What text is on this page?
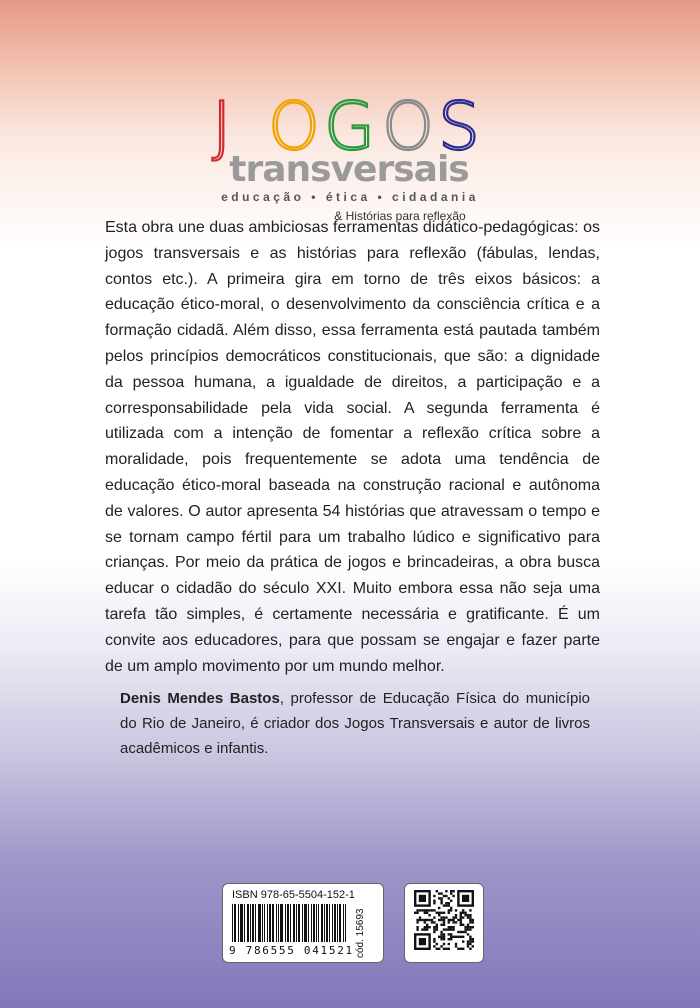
J O G O S
transversais
educação • ética • cidadania
& Histórias para reflexão
Esta obra une duas ambiciosas ferramentas didático-pedagógicas: os jogos transversais e as histórias para reflexão (fábulas, lendas, contos etc.). A primeira gira em torno de três eixos básicos: a educação ético-moral, o desenvolvimento da consciência crítica e a formação cidadã. Além disso, essa ferramenta está pautada também pelos princípios democráticos constitucionais, que são: a dignidade da pessoa humana, a igualdade de direitos, a participação e a corresponsabilidade pela vida social. A segunda ferramenta é utilizada com a intenção de fomentar a reflexão crítica sobre a moralidade, pois frequentemente se adota uma tendência de educação ético-moral baseada na construção racional e autônoma de valores. O autor apresenta 54 histórias que atravessam o tempo e se tornam campo fértil para um trabalho lúdico e significativo para crianças. Por meio da prática de jogos e brincadeiras, a obra busca educar o cidadão do século XXI. Muito embora essa não seja uma tarefa tão simples, é certamente necessária e gratificante. É um convite aos educadores, para que possam se engajar e fazer parte de um amplo movimento por um mundo melhor.
Denis Mendes Bastos, professor de Educação Física do município do Rio de Janeiro, é criador dos Jogos Transversais e autor de livros acadêmicos e infantis.
ISBN 978-65-5504-152-1
9 786555 041521 cód. 15693
